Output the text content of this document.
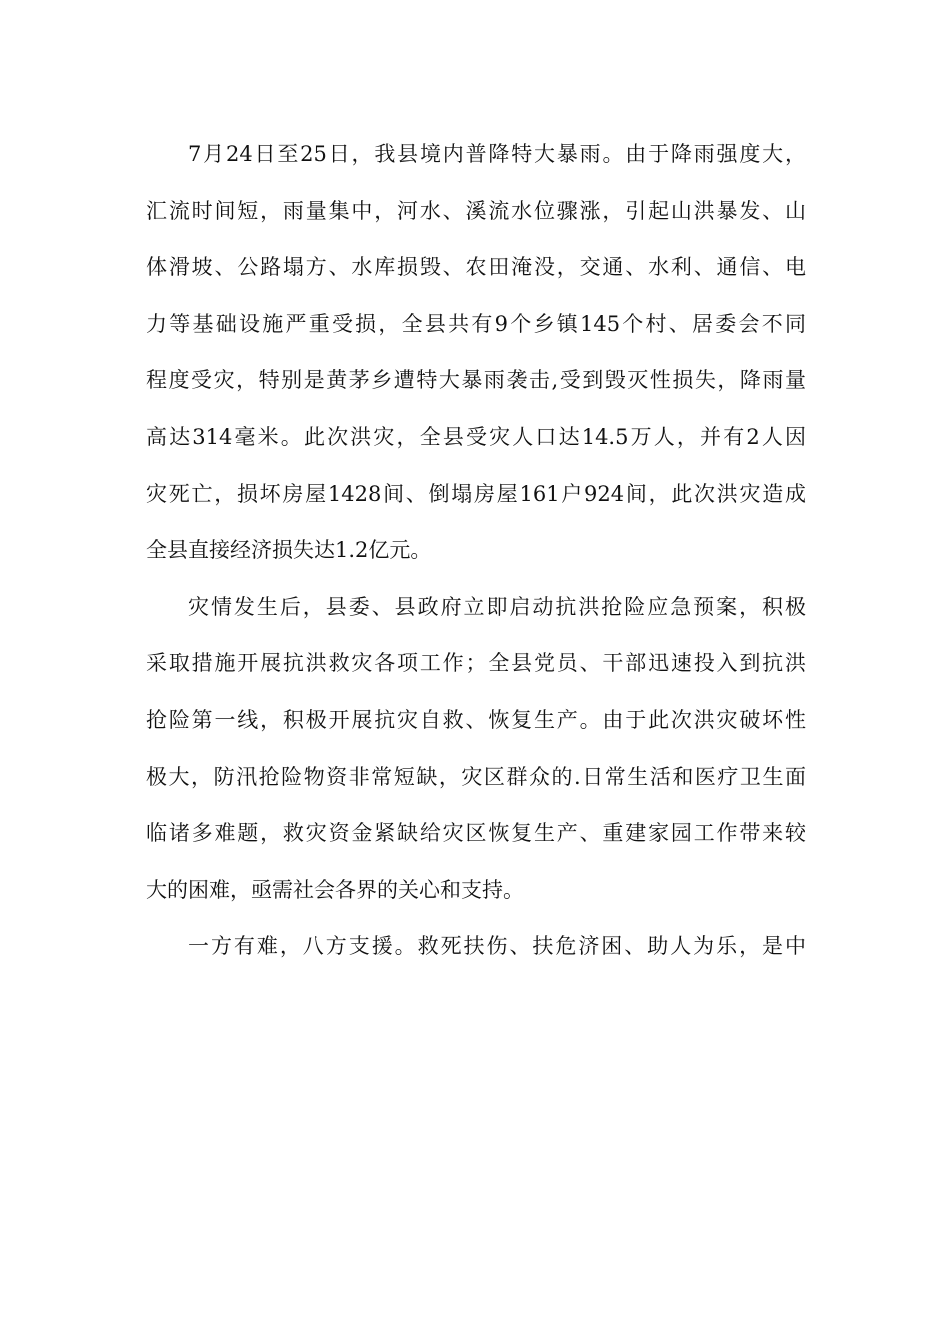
7月24日至25日，我县境内普降特大暴雨。由于降雨强度大，
汇流时间短，雨量集中，河水、溪流水位骤涨，引起山洪暴发、山
体滑坡、公路塌方、水库损毁、农田淹没，交通、水利、通信、电
力等基础设施严重受损，全县共有9个乡镇145个村、居委会不同
程度受灾，特别是黄茅乡遭特大暴雨袭击,受到毁灭性损失，降雨量
高达314毫米。此次洪灾，全县受灾人口达14.5万人，并有2人因
灾死亡，损坏房屋1428间、倒塌房屋161户924间，此次洪灾造成
全县直接经济损失达1.2亿元。
灾情发生后，县委、县政府立即启动抗洪抢险应急预案，积极
采取措施开展抗洪救灾各项工作；全县党员、干部迅速投入到抗洪
抢险第一线，积极开展抗灾自救、恢复生产。由于此次洪灾破坏性
极大，防汛抢险物资非常短缺，灾区群众的.日常生活和医疗卫生面
临诸多难题，救灾资金紧缺给灾区恢复生产、重建家园工作带来较
大的困难，亟需社会各界的关心和支持。
一方有难，八方支援。救死扶伤、扶危济困、助人为乐，是中
